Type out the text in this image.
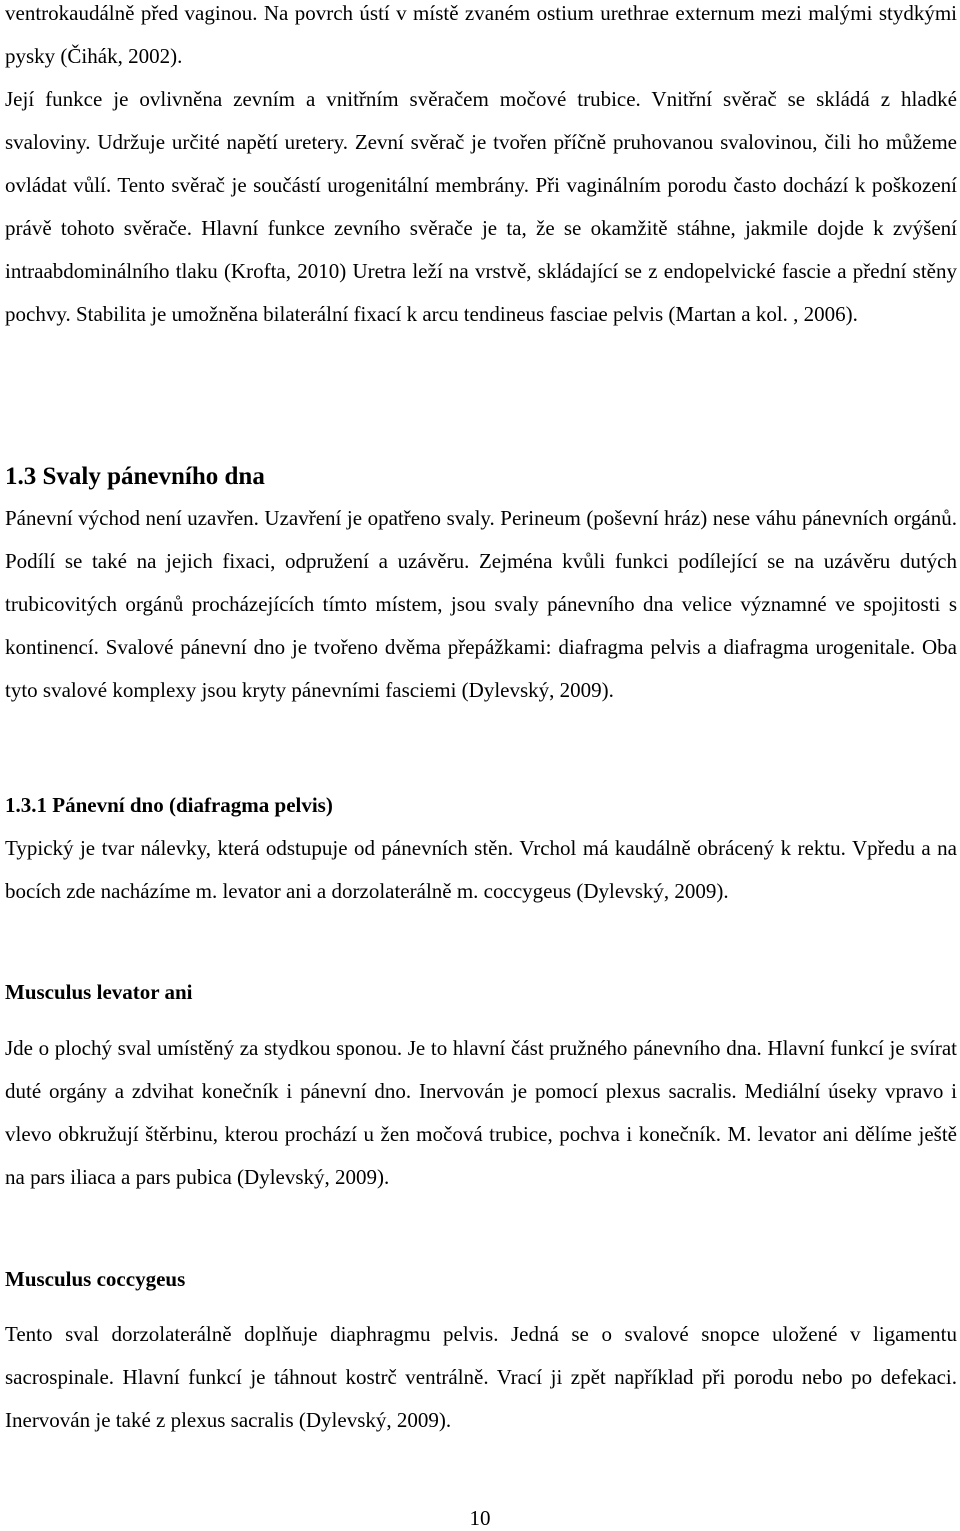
ventrokaudálně před vaginou. Na povrch ústí v místě zvaném ostium urethrae externum mezi malými stydkými pysky (Čihák, 2002).

Její funkce je ovlivněna zevním a vnitřním svěračem močové trubice. Vnitřní svěrač se skládá z hladké svaloviny. Udržuje určité napětí uretery. Zevní svěrač je tvořen příčně pruhovanou svalovinou, čili ho můžeme ovládat vůlí. Tento svěrač je součástí urogenitální membrány. Při vaginálním porodu často dochází k poškození právě tohoto svěrače. Hlavní funkce zevního svěrače je ta, že se okamžitě stáhne, jakmile dojde k zvýšení intraabdominálního tlaku (Krofta, 2010) Uretra leží na vrstvě, skládající se z endopelvické fascie a přední stěny pochvy. Stabilita je umožněna bilaterální fixací k arcu tendineus fasciae pelvis (Martan a kol. , 2006).

1.3 Svaly pánevního dna

Pánevní východ není uzavřen. Uzavření je opatřeno svaly. Perineum (poševní hráz) nese váhu pánevních orgánů. Podílí se také na jejich fixaci, odpružení a uzávěru. Zejména kvůli funkci podílející se na uzávěru dutých trubicovitých orgánů procházejících tímto místem, jsou svaly pánevního dna velice významné ve spojitosti s kontinencí. Svalové pánevní dno je tvořeno dvěma přepážkami: diafragma pelvis a diafragma urogenitale. Oba tyto svalové komplexy jsou kryty pánevními fasciemi (Dylevský, 2009).

1.3.1 Pánevní dno (diafragma pelvis)

Typický je tvar nálevky, která odstupuje od pánevních stěn. Vrchol má kaudálně obrácený k rektu. Vpředu a na bocích zde nacházíme m. levator ani a dorzolaterálně m. coccygeus (Dylevský, 2009).

Musculus levator ani

Jde o plochý sval umístěný za stydkou sponou. Je to hlavní část pružného pánevního dna. Hlavní funkcí je svírat duté orgány a zdvihat konečník i pánevní dno. Inervován je pomocí plexus sacralis. Mediální úseky vpravo i vlevo obkružují štěrbinu, kterou prochází u žen močová trubice, pochva i konečník. M. levator ani dělíme ještě na pars iliaca a pars pubica (Dylevský, 2009).

Musculus coccygeus

Tento sval dorzolaterálně doplňuje diaphragmu pelvis. Jedná se o svalové snopce uložené v ligamentu sacrospinale. Hlavní funkcí je táhnout kostrč ventrálně. Vrací ji zpět například při porodu nebo po defekaci. Inervován je také z plexus sacralis (Dylevský, 2009).

10
